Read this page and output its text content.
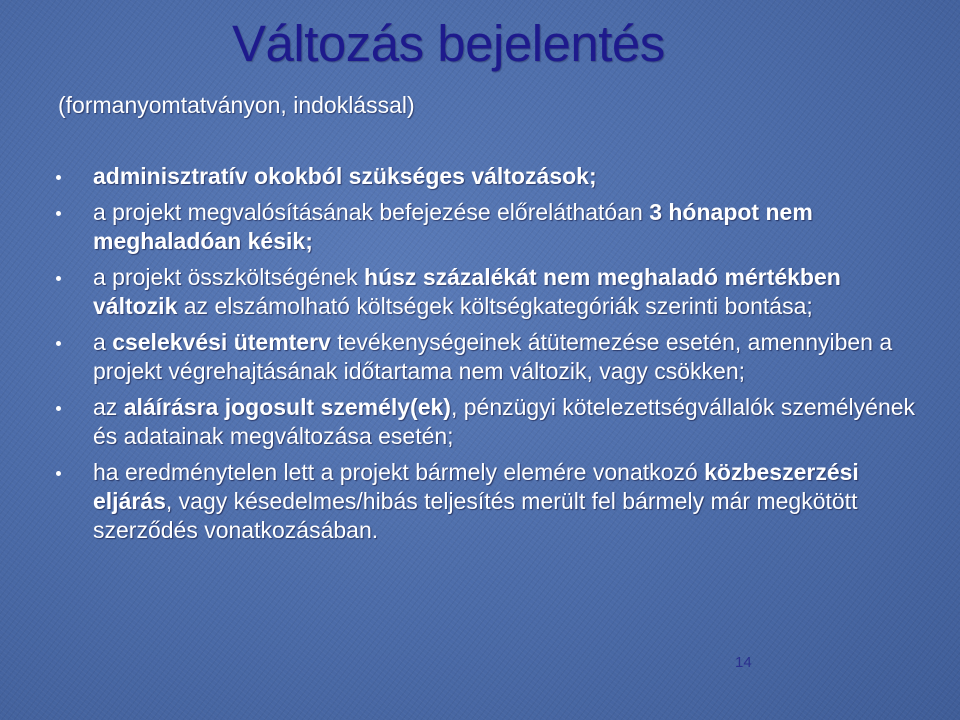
Változás bejelentés
(formanyomtatványon, indoklással)
adminisztratív okokból szükséges változások;
a projekt megvalósításának befejezése előreláthatóan 3 hónapot nem meghaladóan késik;
a projekt összköltségének húsz százalékát nem meghaladó mértékben változik az elszámolható költségek költségkategóriák szerinti bontása;
a cselekvési ütemterv tevékenységeinek átütemezése esetén, amennyiben a projekt végrehajtásának időtartama nem változik, vagy csökken;
az aláírásra jogosult személy(ek), pénzügyi kötelezettségvállalók személyének és adatainak megváltozása esetén;
ha eredménytelen lett a projekt bármely elemére vonatkozó közbeszerzési eljárás, vagy késedelmes/hibás teljesítés merült fel bármely már megkötött szerződés vonatkozásában.
14
